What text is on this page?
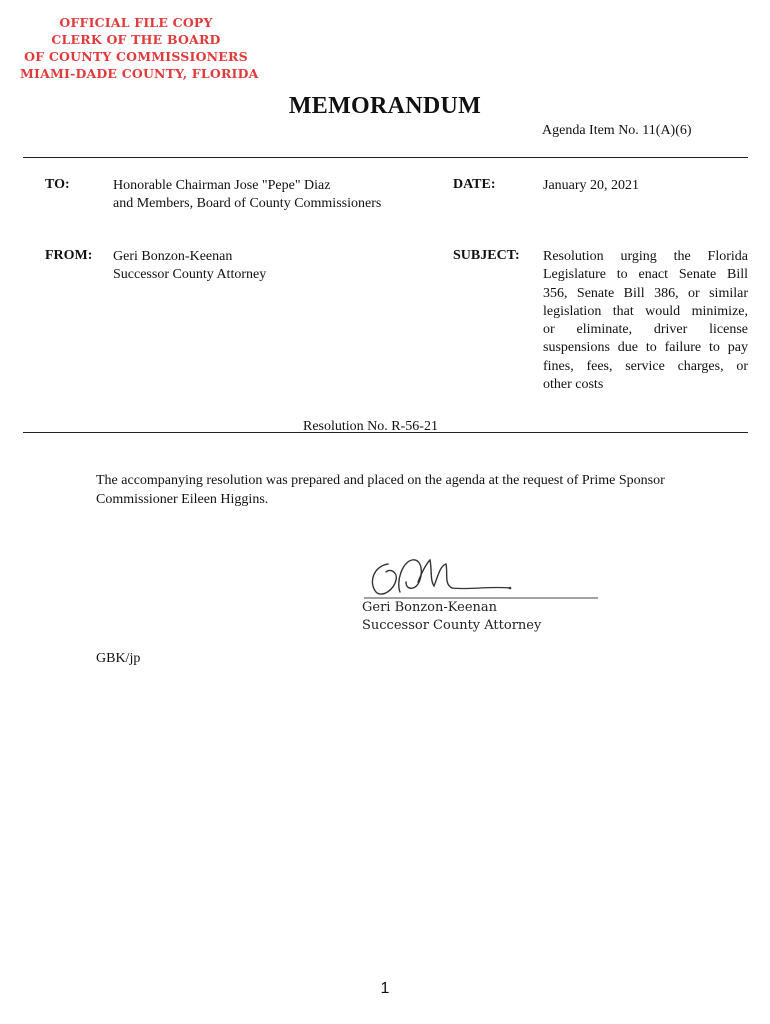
OFFICIAL FILE COPY
CLERK OF THE BOARD
OF COUNTY COMMISSIONERS
MIAMI-DADE COUNTY, FLORIDA
MEMORANDUM
Agenda Item No. 11(A)(6)
TO:	Honorable Chairman Jose "Pepe" Diaz
and Members, Board of County Commissioners
DATE:	January 20, 2021
FROM: Geri Bonzon-Keenan
Successor County Attorney
SUBJECT: Resolution urging the Florida
Legislature to enact Senate Bill
356, Senate Bill 386, or similar
legislation that would minimize,
or eliminate, driver license
suspensions due to failure to pay
fines, fees, service charges, or
other costs
Resolution No. R-56-21
The accompanying resolution was prepared and placed on the agenda at the request of Prime Sponsor
Commissioner Eileen Higgins.
Geri Bonzon-Keenan
Successor County Attorney
GBK/jp
1
